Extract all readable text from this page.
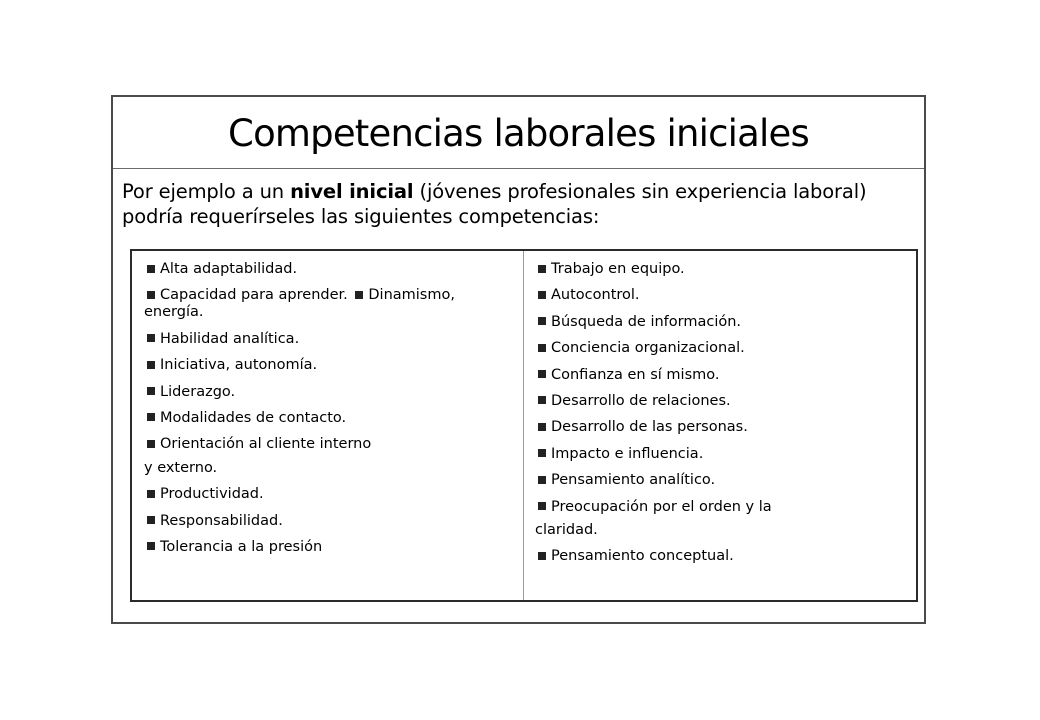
Competencias laborales iniciales

Por ejemplo a un nivel inicial (jóvenes profesionales sin experiencia laboral) podría requerírseles las siguientes competencias:

Alta adaptabilidad.
Capacidad para aprender. Dinamismo, energía.
Habilidad analítica.
Iniciativa, autonomía.
Liderazgo.
Modalidades de contacto.
Orientación al cliente interno
y externo.
Productividad.
Responsabilidad.
Tolerancia a la presión
Trabajo en equipo.
Autocontrol.
Búsqueda de información.
Conciencia organizacional.
Confianza en sí mismo.
Desarrollo de relaciones.
Desarrollo de las personas.
Impacto e influencia.
Pensamiento analítico.
Preocupación por el orden y la
claridad.
Pensamiento conceptual.
